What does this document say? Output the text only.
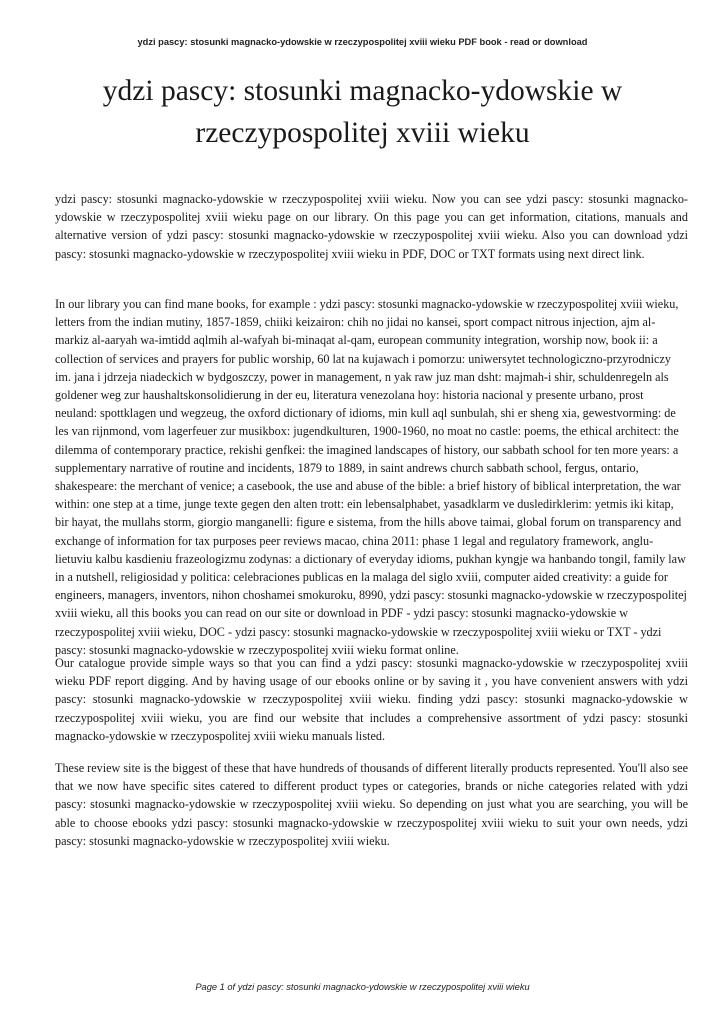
ydzi pascy: stosunki magnacko-ydowskie w rzeczypospolitej xviii wieku PDF book - read or download
ydzi pascy: stosunki magnacko-ydowskie w rzeczypospolitej xviii wieku

ydzi pascy: stosunki magnacko-ydowskie w rzeczypospolitej xviii wieku. Now you can see ydzi pascy: stosunki magnacko-ydowskie w rzeczypospolitej xviii wieku page on our library. On this page you can get information, citations, manuals and alternative version of ydzi pascy: stosunki magnacko-ydowskie w rzeczypospolitej xviii wieku. Also you can download ydzi pascy: stosunki magnacko-ydowskie w rzeczypospolitej xviii wieku in PDF, DOC or TXT formats using next direct link.

In our library you can find mane books, for example : ydzi pascy: stosunki magnacko-ydowskie w rzeczypospolitej xviii wieku, letters from the indian mutiny, 1857-1859, chiiki keizairon: chih no jidai no kansei, sport compact nitrous injection, ajm al-markiz al-aaryah wa-imtidd aqlmih al-wafyah bi-minaqat al-qam, european community integration, worship now, book ii: a collection of services and prayers for public worship, 60 lat na kujawach i pomorzu: uniwersytet technologiczno-przyrodniczy im. jana i jdrzeja niadeckich w bydgoszczy, power in management, n yak raw juz man dsht: majmah-i shir, schuldenregeln als goldener weg zur haushaltskonsolidierung in der eu, literatura venezolana hoy: historia nacional y presente urbano, prost neuland: spottklagen und wegzeug, the oxford dictionary of idioms, min kull aql sunbulah, shi er sheng xia, gewestvorming: de les van rijnmond, vom lagerfeuer zur musikbox: jugendkulturen, 1900-1960, no moat no castle: poems, the ethical architect: the dilemma of contemporary practice, rekishi genfkei: the imagined landscapes of history, our sabbath school for ten more years: a supplementary narrative of routine and incidents, 1879 to 1889, in saint andrews church sabbath school, fergus, ontario, shakespeare: the merchant of venice; a casebook, the use and abuse of the bible: a brief history of biblical interpretation, the war within: one step at a time, junge texte gegen den alten trott: ein lebensalphabet, yasadklarm ve dusledirklerim: yetmis iki kitap, bir hayat, the mullahs storm, giorgio manganelli: figure e sistema, from the hills above taimai, global forum on transparency and exchange of information for tax purposes peer reviews macao, china 2011: phase 1 legal and regulatory framework, anglu-lietuviu kalbu kasdieniu frazeologizmu zodynas: a dictionary of everyday idioms, pukhan kyngje wa hanbando tongil, family law in a nutshell, religiosidad y politica: celebraciones publicas en la malaga del siglo xviii, computer aided creativity: a guide for engineers, managers, inventors, nihon choshamei smokuroku, 8990, ydzi pascy: stosunki magnacko-ydowskie w rzeczypospolitej xviii wieku, all this books you can read on our site or download in PDF - ydzi pascy: stosunki magnacko-ydowskie w rzeczypospolitej xviii wieku, DOC - ydzi pascy: stosunki magnacko-ydowskie w rzeczypospolitej xviii wieku or TXT - ydzi pascy: stosunki magnacko-ydowskie w rzeczypospolitej xviii wieku format online.

Our catalogue provide simple ways so that you can find a ydzi pascy: stosunki magnacko-ydowskie w rzeczypospolitej xviii wieku PDF report digging. And by having usage of our ebooks online or by saving it , you have convenient answers with ydzi pascy: stosunki magnacko-ydowskie w rzeczypospolitej xviii wieku. finding ydzi pascy: stosunki magnacko-ydowskie w rzeczypospolitej xviii wieku, you are find our website that includes a comprehensive assortment of ydzi pascy: stosunki magnacko-ydowskie w rzeczypospolitej xviii wieku manuals listed.

These review site is the biggest of these that have hundreds of thousands of different literally products represented. You'll also see that we now have specific sites catered to different product types or categories, brands or niche categories related with ydzi pascy: stosunki magnacko-ydowskie w rzeczypospolitej xviii wieku. So depending on just what you are searching, you will be able to choose ebooks ydzi pascy: stosunki magnacko-ydowskie w rzeczypospolitej xviii wieku to suit your own needs, ydzi pascy: stosunki magnacko-ydowskie w rzeczypospolitej xviii wieku.

Page 1 of ydzi pascy: stosunki magnacko-ydowskie w rzeczypospolitej xviii wieku
